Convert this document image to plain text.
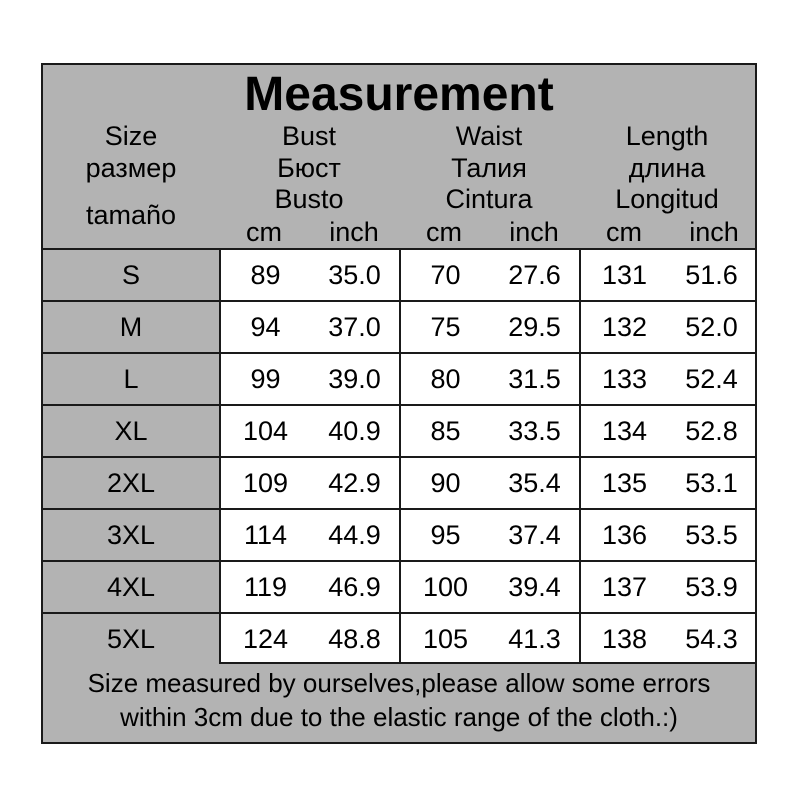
Measurement
Size
размер
tamaño
Bust
Бюст
Busto
Waist
Талия
Cintura
Length
длина
Longitud
cm	inch	cm	inch	cm	inch
S	89	35.0	70	27.6	131	51.6
M	94	37.0	75	29.5	132	52.0
L	99	39.0	80	31.5	133	52.4
XL	104	40.9	85	33.5	134	52.8
2XL	109	42.9	90	35.4	135	53.1
3XL	114	44.9	95	37.4	136	53.5
4XL	119	46.9	100	39.4	137	53.9
5XL	124	48.8	105	41.3	138	54.3
Size measured by ourselves,please allow some errors
within 3cm due to the elastic range of the cloth.:)
